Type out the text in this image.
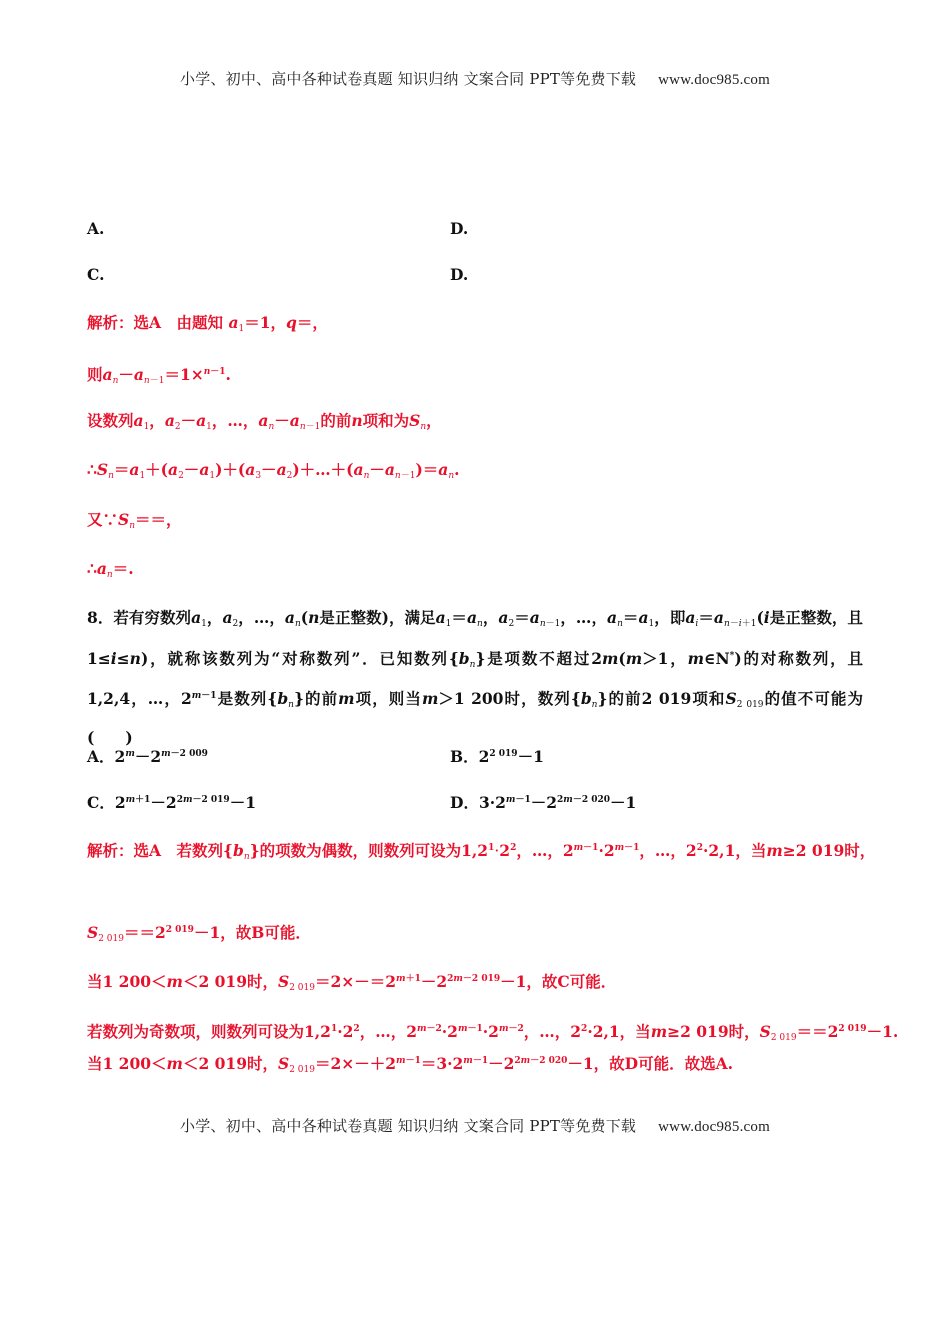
小学、初中、高中各种试卷真题 知识归纳 文案合同 PPT等免费下载 www.doc985.com
A.	D.
C.	D.
解析：选A　由题知 $a_1=1$，q＝，
则$a_n-a_{n-1}=1\times^{n-1}$.
设数列$a_1$，$a_2-a_1$，…，$a_n-a_{n-1}$的前n项和为$S_n$，
$\therefore S_n=a_1+(a_2-a_1)+(a_3-a_2)+\dots+(a_n-a_{n-1})=a_n$.
又$\because S_n==$，
$\therefore a_n=$.
8．若有穷数列$a_1$，$a_2$，…，$a_n(n$是正整数)，满足$a_1=a_n$，$a_2=a_{n-1}$，…，$a_n=a_1$，即$a_i=a_{n-i+1}(i$是正整数，且1≤i≤n)，就称该数列为“对称数列”．已知数列$\{b_n\}$是项数不超过2m(m＞1，m∈N*)的对称数列，且1,2,4，…，$2^{m-1}$是数列$\{b_n\}$的前m项，则当m＞1 200时，数列$\{b_n\}$的前2 019项和$S_{2 019}$的值不可能为(　　)
A．$2^m-2^{m-2 009}$	B．$2^{2 019}-1$
C．$2^{m+1}-2^{2m-2 019}-1$	D．$3\cdot 2^{m-1}-2^{2m-2 020}-1$
解析：选A　若数列$\{b_n\}$的项数为偶数，则数列可设为$1,2^1\cdot 2^2$，…，$2^{m-1}\cdot 2^{m-1}$，…，$2^2\cdot 2,1$，当m≥2 019时，
$S_{2 019}==2^{2 019}-1$，故B可能．
当1 200＜m＜2 019时，$S_{2 019}=2\times-=2^{m+1}-2^{2m-2 019}-1$，故C可能．
若数列为奇数项，则数列可设为$1,2^1\cdot 2^2$，…，$2^{m-2}\cdot 2^{m-1}\cdot 2^{m-2}$，…，$2^2\cdot 2,1$，当m≥2 019时，$S_{2 019}==2^{2 019}-1$.
当1 200＜m＜2 019时，$S_{2 019}=2\times-+2^{m-1}=3\cdot 2^{m-1}-2^{2m-2 020}-1$，故D可能．故选A.
小学、初中、高中各种试卷真题 知识归纳 文案合同 PPT等免费下载 www.doc985.com
